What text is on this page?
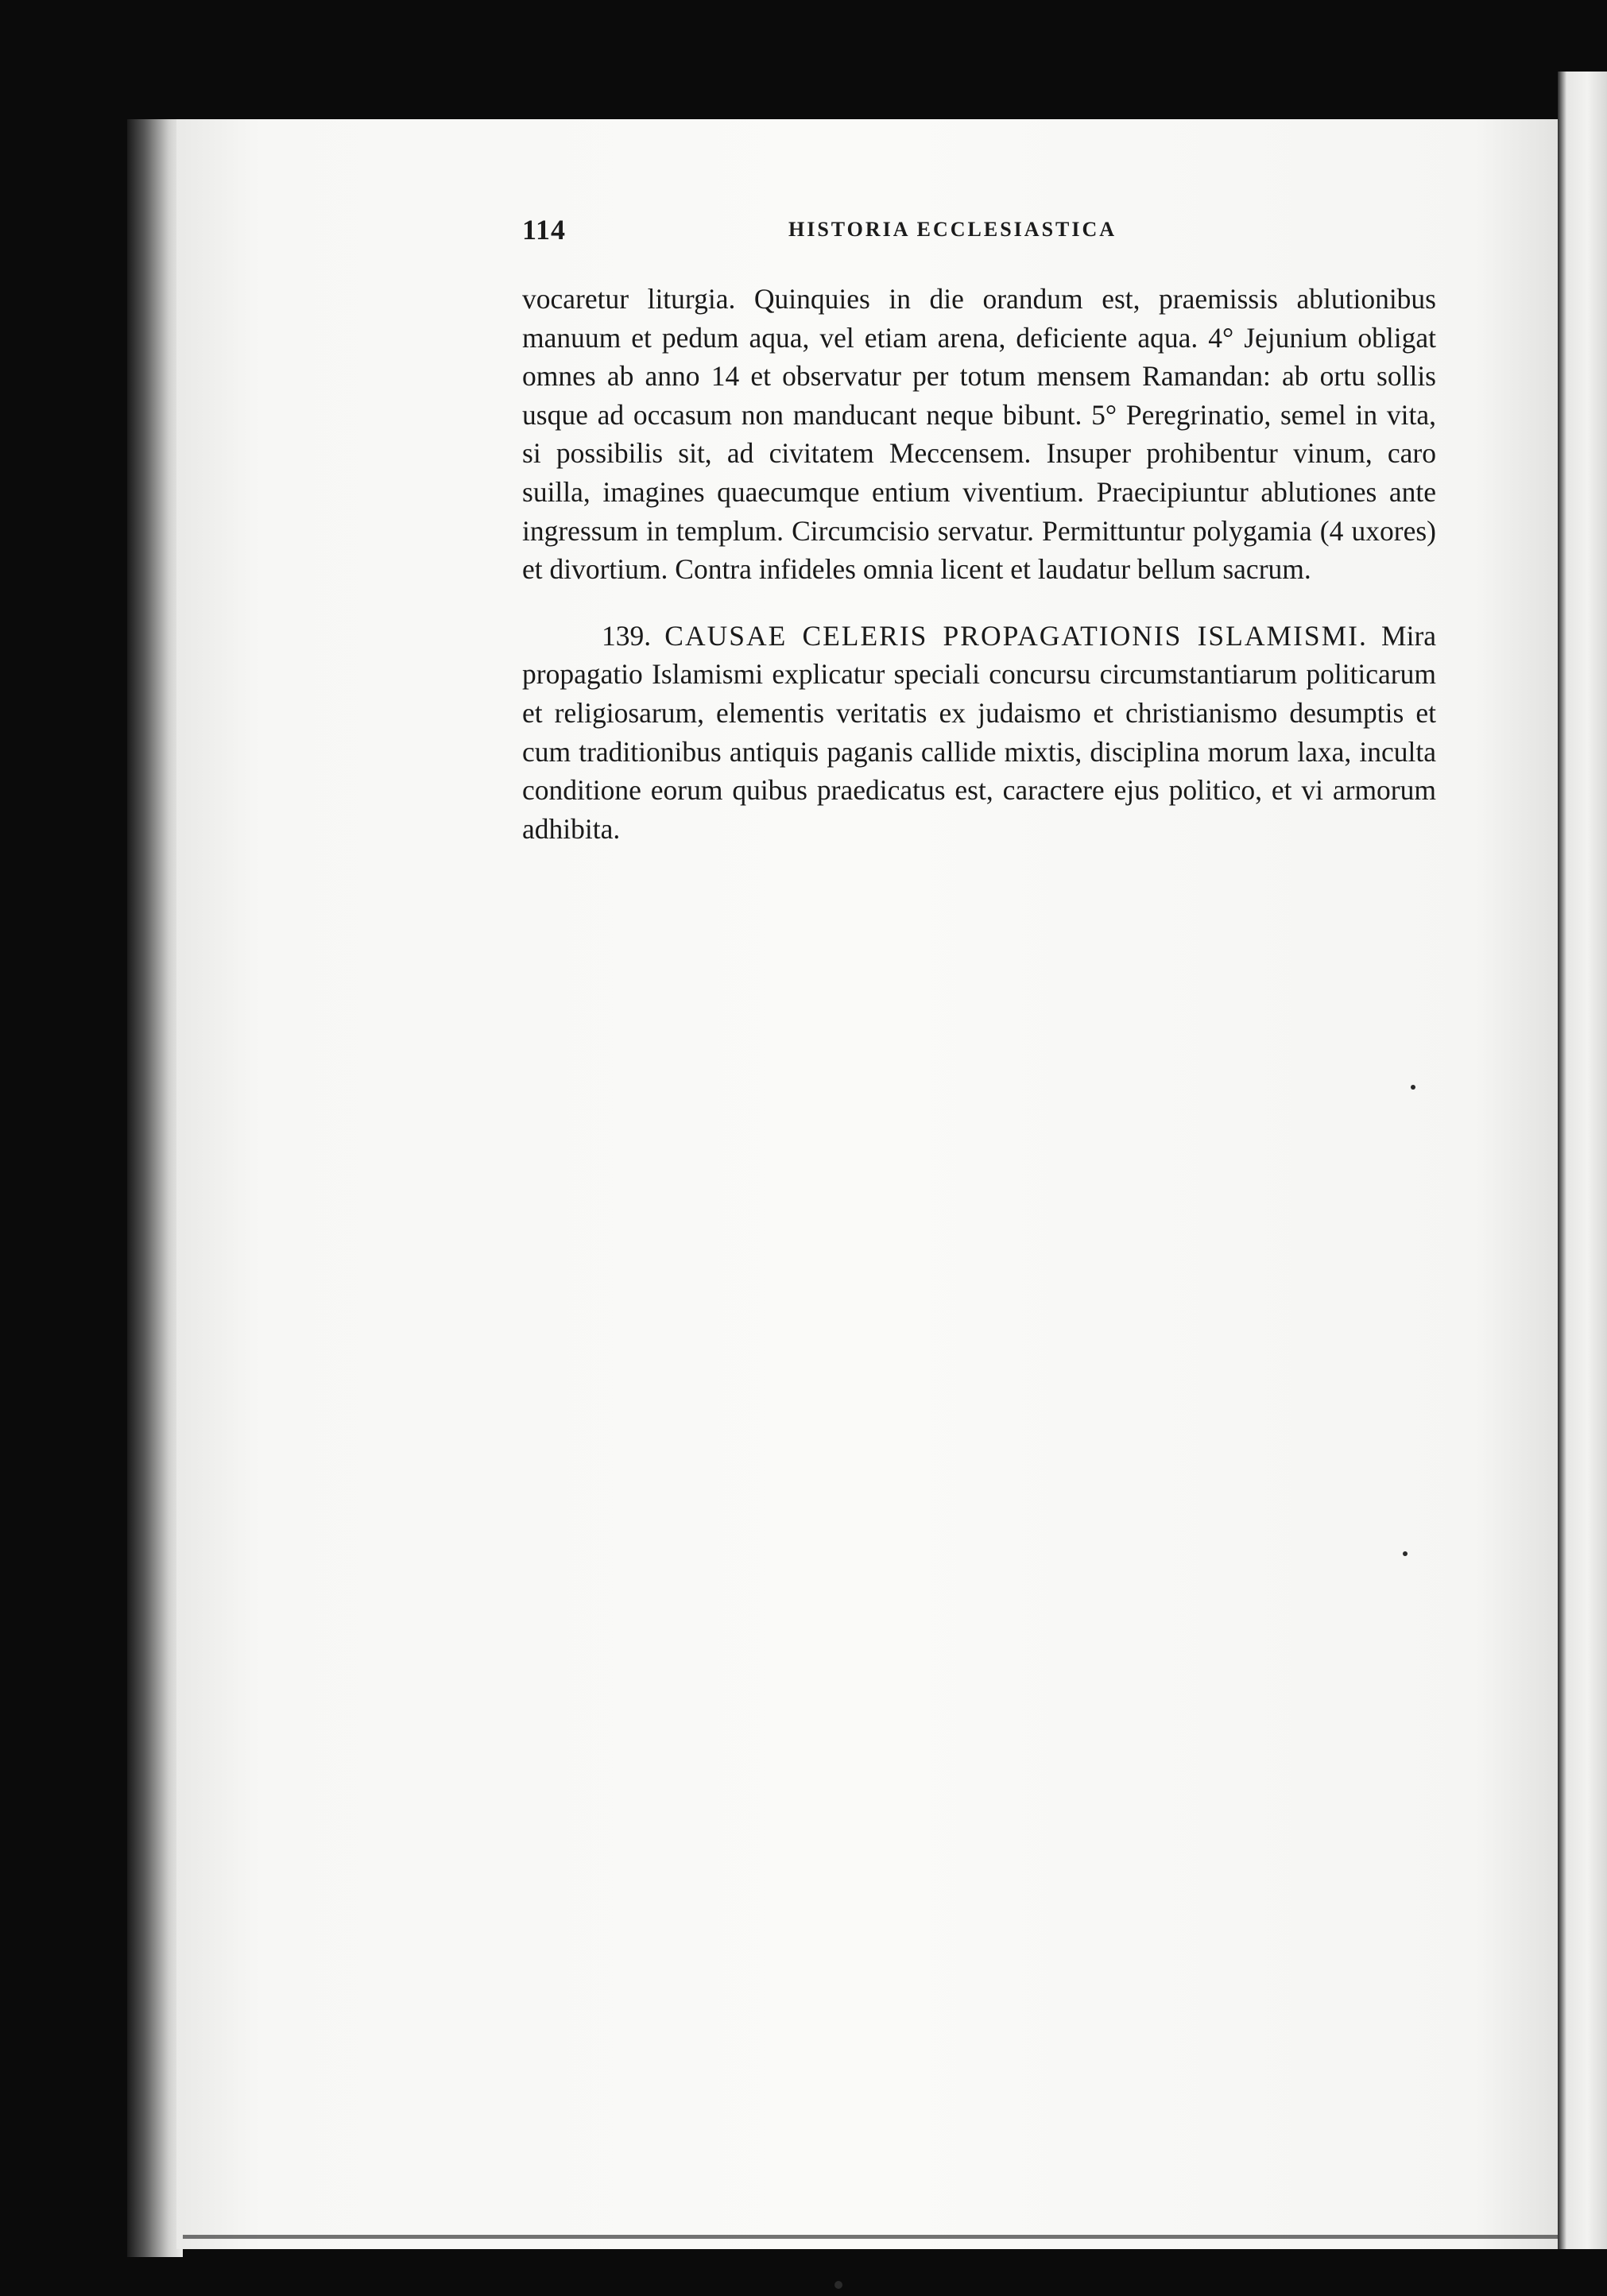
114	HISTORIA ECCLESIASTICA

vocaretur liturgia. Quinquies in die orandum est, praemissis ablutionibus manuum et pedum aqua, vel etiam arena, deficiente aqua. 4° Jejunium obligat omnes ab anno 14 et observatur per totum mensem Ramandan: ab ortu sollis usque ad occasum non manducant neque bibunt. 5° Peregrinatio, semel in vita, si possibilis sit, ad civitatem Meccensem. Insuper prohibentur vinum, caro suilla, imagines quaecumque entium viventium. Praecipiuntur ablutiones ante ingressum in templum. Circumcisio servatur. Permittuntur polygamia (4 uxores) et divortium. Contra infideles omnia licent et laudatur bellum sacrum.

139. CAUSAE CELERIS PROPAGATIONIS ISLAMISMI. Mira propagatio Islamismi explicatur speciali concursu circumstantiarum politicarum et religiosarum, elementis veritatis ex judaismo et christianismo desumptis et cum traditionibus antiquis paganis callide mixtis, disciplina morum laxa, inculta conditione eorum quibus praedicatus est, caractere ejus politico, et vi armorum adhibita.
